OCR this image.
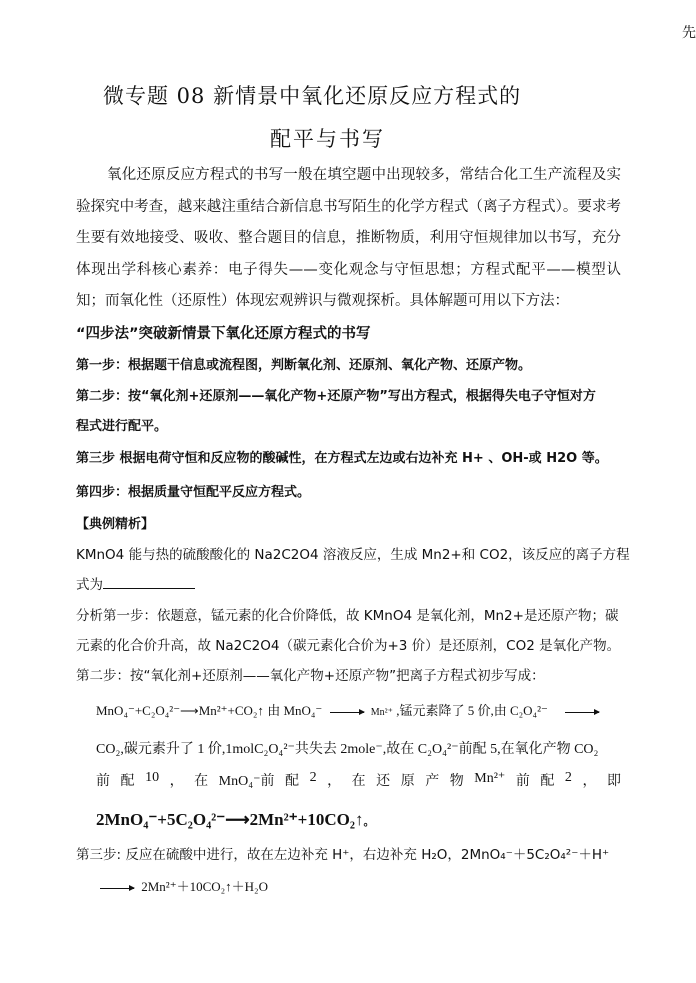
先
微专题 08 新情景中氧化还原反应方程式的
配平与书写
氧化还原反应方程式的书写一般在填空题中出现较多，常结合化工生产流程及实验探究中考查，越来越注重结合新信息书写陌生的化学方程式（离子方程式）。要求考生要有效地接受、吸收、整合题目的信息，推断物质，利用守恒规律加以书写，充分体现出学科核心素养：电子得失——变化观念与守恒思想；方程式配平——模型认知；而氧化性（还原性）体现宏观辨识与微观探析。具体解题可用以下方法：
“四步法”突破新情景下氧化还原方程式的书写
第一步：根据题干信息或流程图，判断氧化剂、还原剂、氧化产物、还原产物。
第二步：按“氧化剂+还原剂——氧化产物+还原产物”写出方程式，根据得失电子守恒对方
程式进行配平。
第三步 根据电荷守恒和反应物的酸碱性，在方程式左边或右边补充 H+ 、OH-或 H2O 等。
第四步：根据质量守恒配平反应方程式。
【典例精析】
KMnO4 能与热的硫酸酸化的 Na2C2O4 溶液反应，生成 Mn2+和 CO2，该反应的离子方程
式为
分析第一步：依题意，锰元素的化合价降低，故 KMnO4 是氧化剂，Mn2+是还原产物；碳
元素的化合价升高，故 Na2C2O4（碳元素化合价为+3 价）是还原剂，CO2 是氧化产物。
第二步：按“氧化剂+还原剂——氧化产物+还原产物”把离子方程式初步写成：
MnO₄⁻+C₂O₄²⁻⟶Mn²⁺+CO₂↑ 由 MnO₄⁻	Mn²⁺ ,锰元素降了 5 价,由 C₂O₄²⁻
CO₂,碳元素升了 1 价,1molC₂O₄²⁻共失去 2mole⁻,故在 C₂O₄²⁻前配 5,在氧化产物 CO₂
前 配 10 ， 在 MnO₄⁻前 配 2 ， 在 还 原 产 物 Mn²⁺ 前 配 2 ， 即
2MnO₄⁻+5C₂O₄²⁻⟶2Mn²⁺+10CO₂↑。
第三步: 反应在硫酸中进行，故在左边补充 H⁺，右边补充 H₂O，2MnO₄⁻＋5C₂O₄²⁻＋H⁺
2Mn²⁺＋10CO₂↑＋H₂O
